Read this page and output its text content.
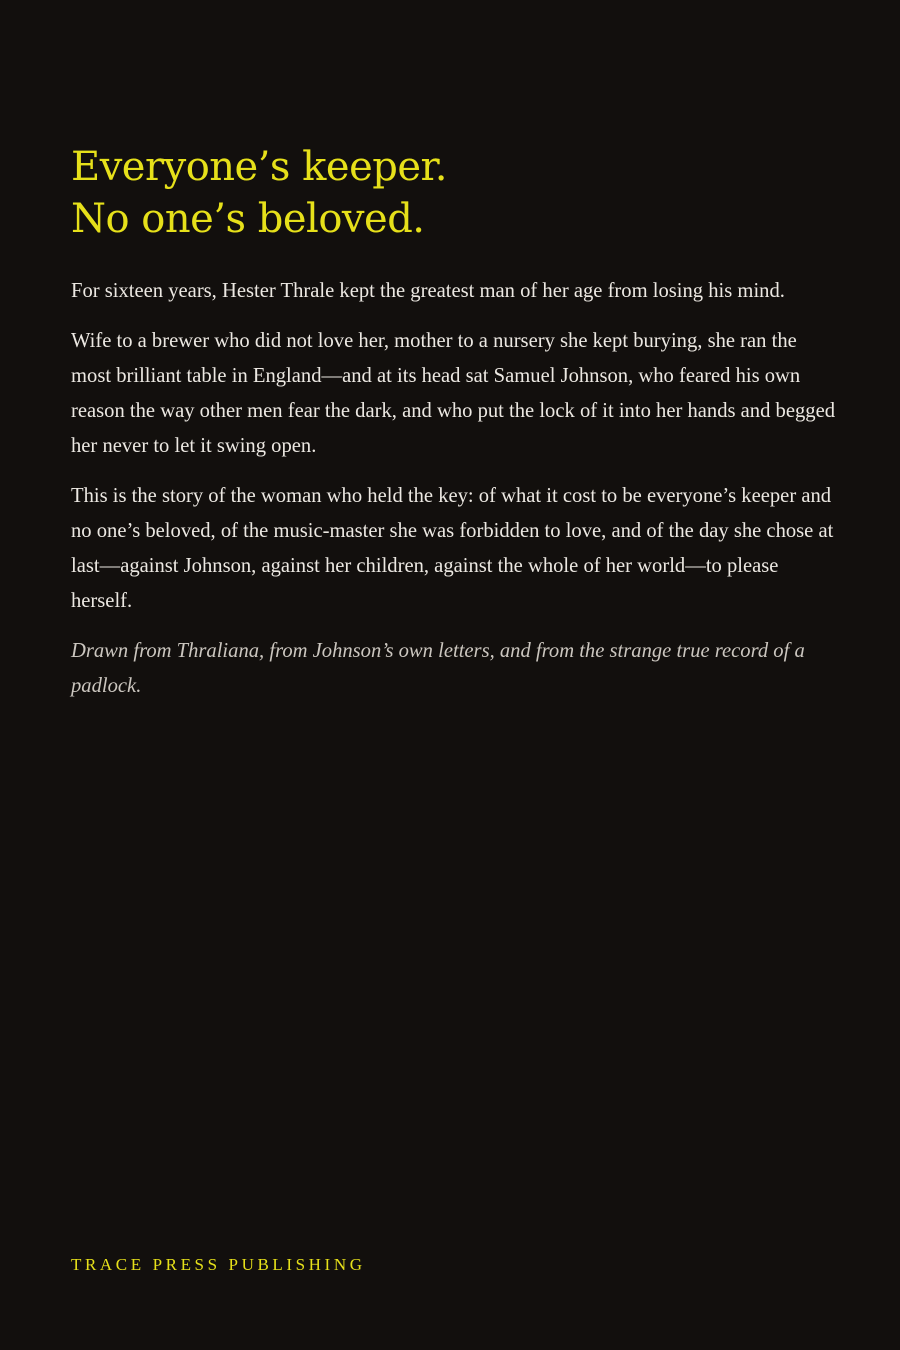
Everyone’s keeper.
No one’s beloved.

For sixteen years, Hester Thrale kept the greatest man of her age from losing his mind.

Wife to a brewer who did not love her, mother to a nursery she kept burying, she ran the most brilliant table in England—and at its head sat Samuel Johnson, who feared his own reason the way other men fear the dark, and who put the lock of it into her hands and begged her never to let it swing open.

This is the story of the woman who held the key: of what it cost to be everyone’s keeper and no one’s beloved, of the music-master she was forbidden to love, and of the day she chose at last—against Johnson, against her children, against the whole of her world—to please herself.

Drawn from Thraliana, from Johnson’s own letters, and from the strange true record of a padlock.

TRACE PRESS PUBLISHING
